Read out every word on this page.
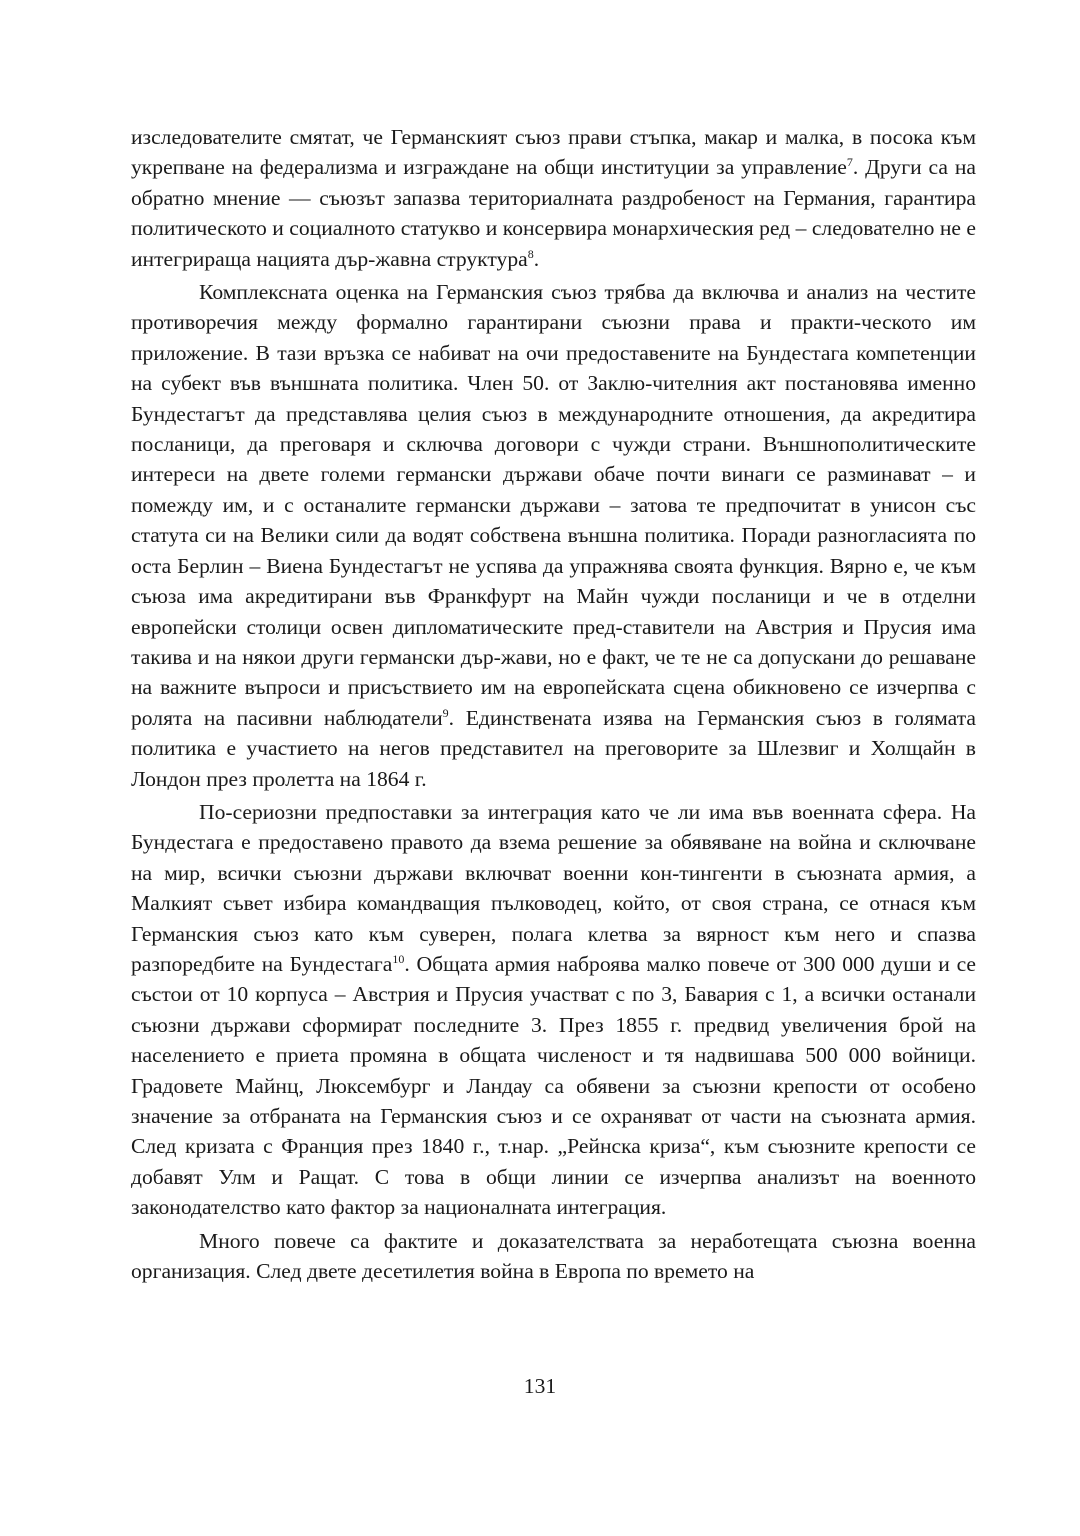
изследователите смятат, че Германският съюз прави стъпка, макар и малка, в посока към укрепване на федерализма и изграждане на общи институции за управление$^7$. Други са на обратно мнение — съюзът запазва териториалната раздробеност на Германия, гарантира политическото и социалното статукво и консервира монархическия ред – следователно не е интегрираща нацията дър-жавна структура$^8$.

Комплексната оценка на Германския съюз трябва да включва и анализ на честите противоречия между формално гарантирани съюзни права и практи-ческото им приложение. В тази връзка се набиват на очи предоставените на Бундестага компетенции на субект във външната политика. Член 50. от Заклю-чителния акт постановява именно Бундестагът да представлява целия съюз в международните отношения, да акредитира посланици, да преговаря и сключва договори с чужди страни. Външнополитическите интереси на двете големи германски държави обаче почти винаги се разминават – и помежду им, и с останалите германски държави – затова те предпочитат в унисон със статута си на Велики сили да водят собствена външна политика. Поради разногласията по оста Берлин – Виена Бундестагът не успява да упражнява своята функция. Вярно е, че към съюза има акредитирани във Франкфурт на Майн чужди посланици и че в отделни европейски столици освен дипломатическите пред-ставители на Австрия и Прусия има такива и на някои други германски дър-жави, но е факт, че те не са допускани до решаване на важните въпроси и присъствието им на европейската сцена обикновено се изчерпва с ролята на пасивни наблюдатели$^9$. Единствената изява на Германския съюз в голямата политика е участието на негов представител на преговорите за Шлезвиг и Холщайн в Лондон през пролетта на 1864 г.

По-сериозни предпоставки за интеграция като че ли има във военната сфера. На Бундестага е предоставено правото да взема решение за обявяване на война и сключване на мир, всички съюзни държави включват военни кон-тингенти в съюзната армия, а Малкият съвет избира командващия пълководец, който, от своя страна, се отнася към Германския съюз като към суверен, полага клетва за вярност към него и спазва разпоредбите на Бундестага$^{10}$. Общата армия наброява малко повече от 300 000 души и се състои от 10 корпуса – Австрия и Прусия участват с по 3, Бавария с 1, а всички останали съюзни държави сформират последните 3. През 1855 г. предвид увеличения брой на населението е приета промяна в общата численост и тя надвишава 500 000 войници. Градовете Майнц, Люксембург и Ландау са обявени за съюзни крепости от особено значение за отбраната на Германския съюз и се охраняват от части на съюзната армия. След кризата с Франция през 1840 г., т.нар. „Рейнска криза“, към съюзните крепости се добавят Улм и Ращат. С това в общи линии се изчерпва анализът на военното законодателство като фактор за националната интеграция.

Много повече са фактите и доказателствата за неработещата съюзна военна организация. След двете десетилетия война в Европа по времето на

131
